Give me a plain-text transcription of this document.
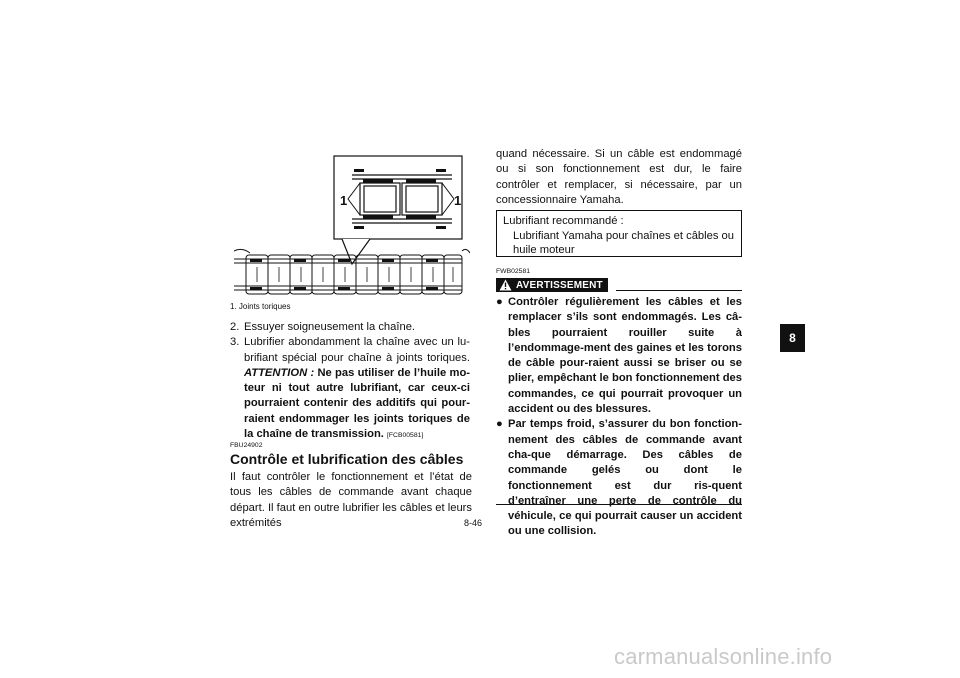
1	1
1. Joints toriques
2. Essuyer soigneusement la chaîne.
3. Lubrifier abondamment la chaîne avec un lu-brifiant spécial pour chaîne à joints toriques. ATTENTION : Ne pas utiliser de l’huile mo-teur ni tout autre lubrifiant, car ceux-ci pourraient contenir des additifs qui pour-raient endommager les joints toriques de la chaîne de transmission. [FCB00581]
FBU24902
Contrôle et lubrification des câbles
Il faut contrôler le fonctionnement et l’état de tous les câbles de commande avant chaque départ. Il faut en outre lubrifier les câbles et leurs extrémités
quand nécessaire. Si un câble est endommagé ou si son fonctionnement est dur, le faire contrôler et remplacer, si nécessaire, par un concessionnaire Yamaha.
Lubrifiant recommandé :
Lubrifiant Yamaha pour chaînes et câbles ou huile moteur
FWB02581
AVERTISSEMENT
● Contrôler régulièrement les câbles et les remplacer s’ils sont endommagés. Les câ-bles pourraient rouiller suite à l’endommage-ment des gaines et les torons de câble pour-raient aussi se briser ou se plier, empêchant le bon fonctionnement des commandes, ce qui pourrait provoquer un accident ou des blessures.
● Par temps froid, s’assurer du bon fonction-nement des câbles de commande avant cha-que démarrage. Des câbles de commande gelés ou dont le fonctionnement est dur ris-quent d’entraîner une perte de contrôle du véhicule, ce qui pourrait causer un accident ou une collision.
8-46
8
carmanualsonline.info
